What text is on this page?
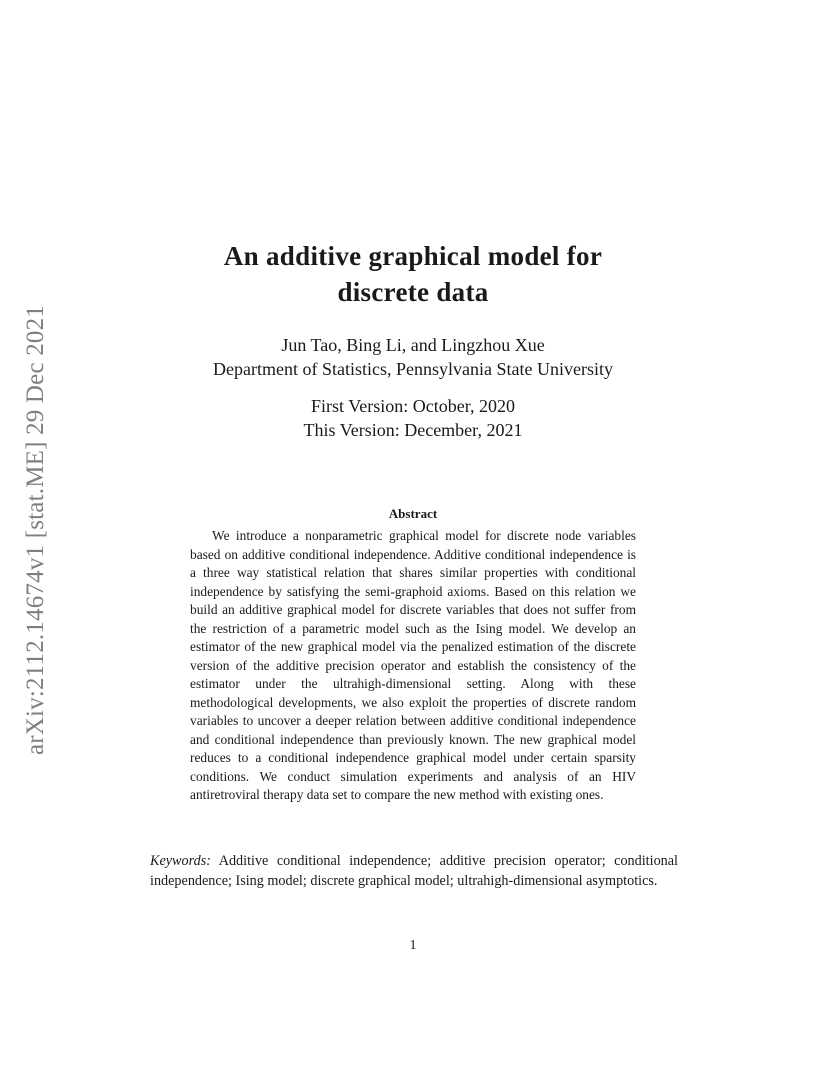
arXiv:2112.14674v1 [stat.ME] 29 Dec 2021
An additive graphical model for
discrete data
Jun Tao, Bing Li, and Lingzhou Xue
Department of Statistics, Pennsylvania State University
First Version: October, 2020
This Version: December, 2021
Abstract

We introduce a nonparametric graphical model for discrete node variables based on additive conditional independence. Additive conditional independence is a three way statistical relation that shares similar properties with conditional independence by satisfying the semi-graphoid axioms. Based on this relation we build an additive graphical model for discrete variables that does not suffer from the restriction of a parametric model such as the Ising model. We develop an estimator of the new graphical model via the penalized estimation of the discrete version of the additive precision operator and establish the consistency of the estimator under the ultrahigh-dimensional setting. Along with these methodological developments, we also exploit the properties of discrete random variables to uncover a deeper relation between additive conditional independence and conditional independence than previously known. The new graphical model reduces to a conditional independence graphical model under certain sparsity conditions. We conduct simulation experiments and analysis of an HIV antiretroviral therapy data set to compare the new method with existing ones.

Keywords: Additive conditional independence; additive precision operator; conditional independence; Ising model; discrete graphical model; ultrahigh-dimensional asymptotics.

1
